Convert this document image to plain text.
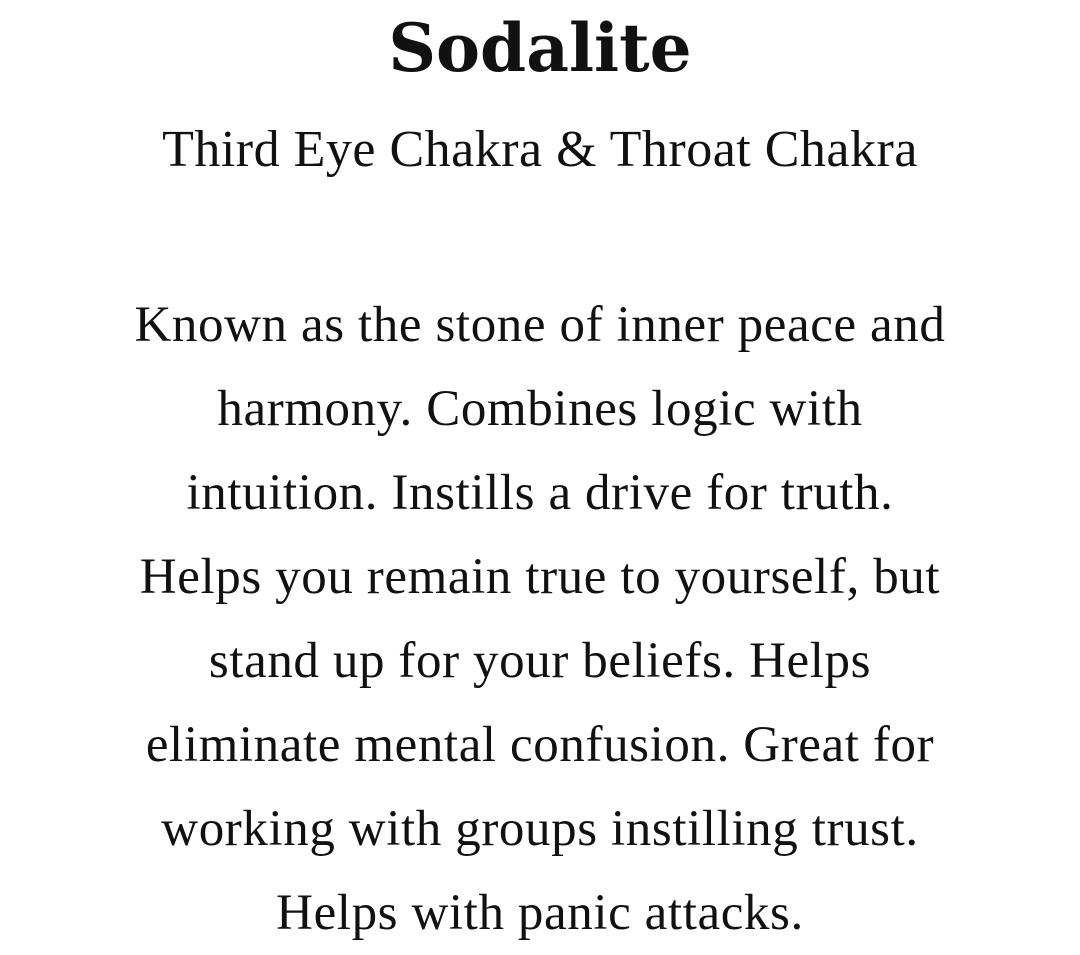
Sodalite
Third Eye Chakra & Throat Chakra
Known as the stone of inner peace and
harmony. Combines logic with
intuition. Instills a drive for truth.
Helps you remain true to yourself, but
stand up for your beliefs. Helps
eliminate mental confusion. Great for
working with groups instilling trust.
Helps with panic attacks.
